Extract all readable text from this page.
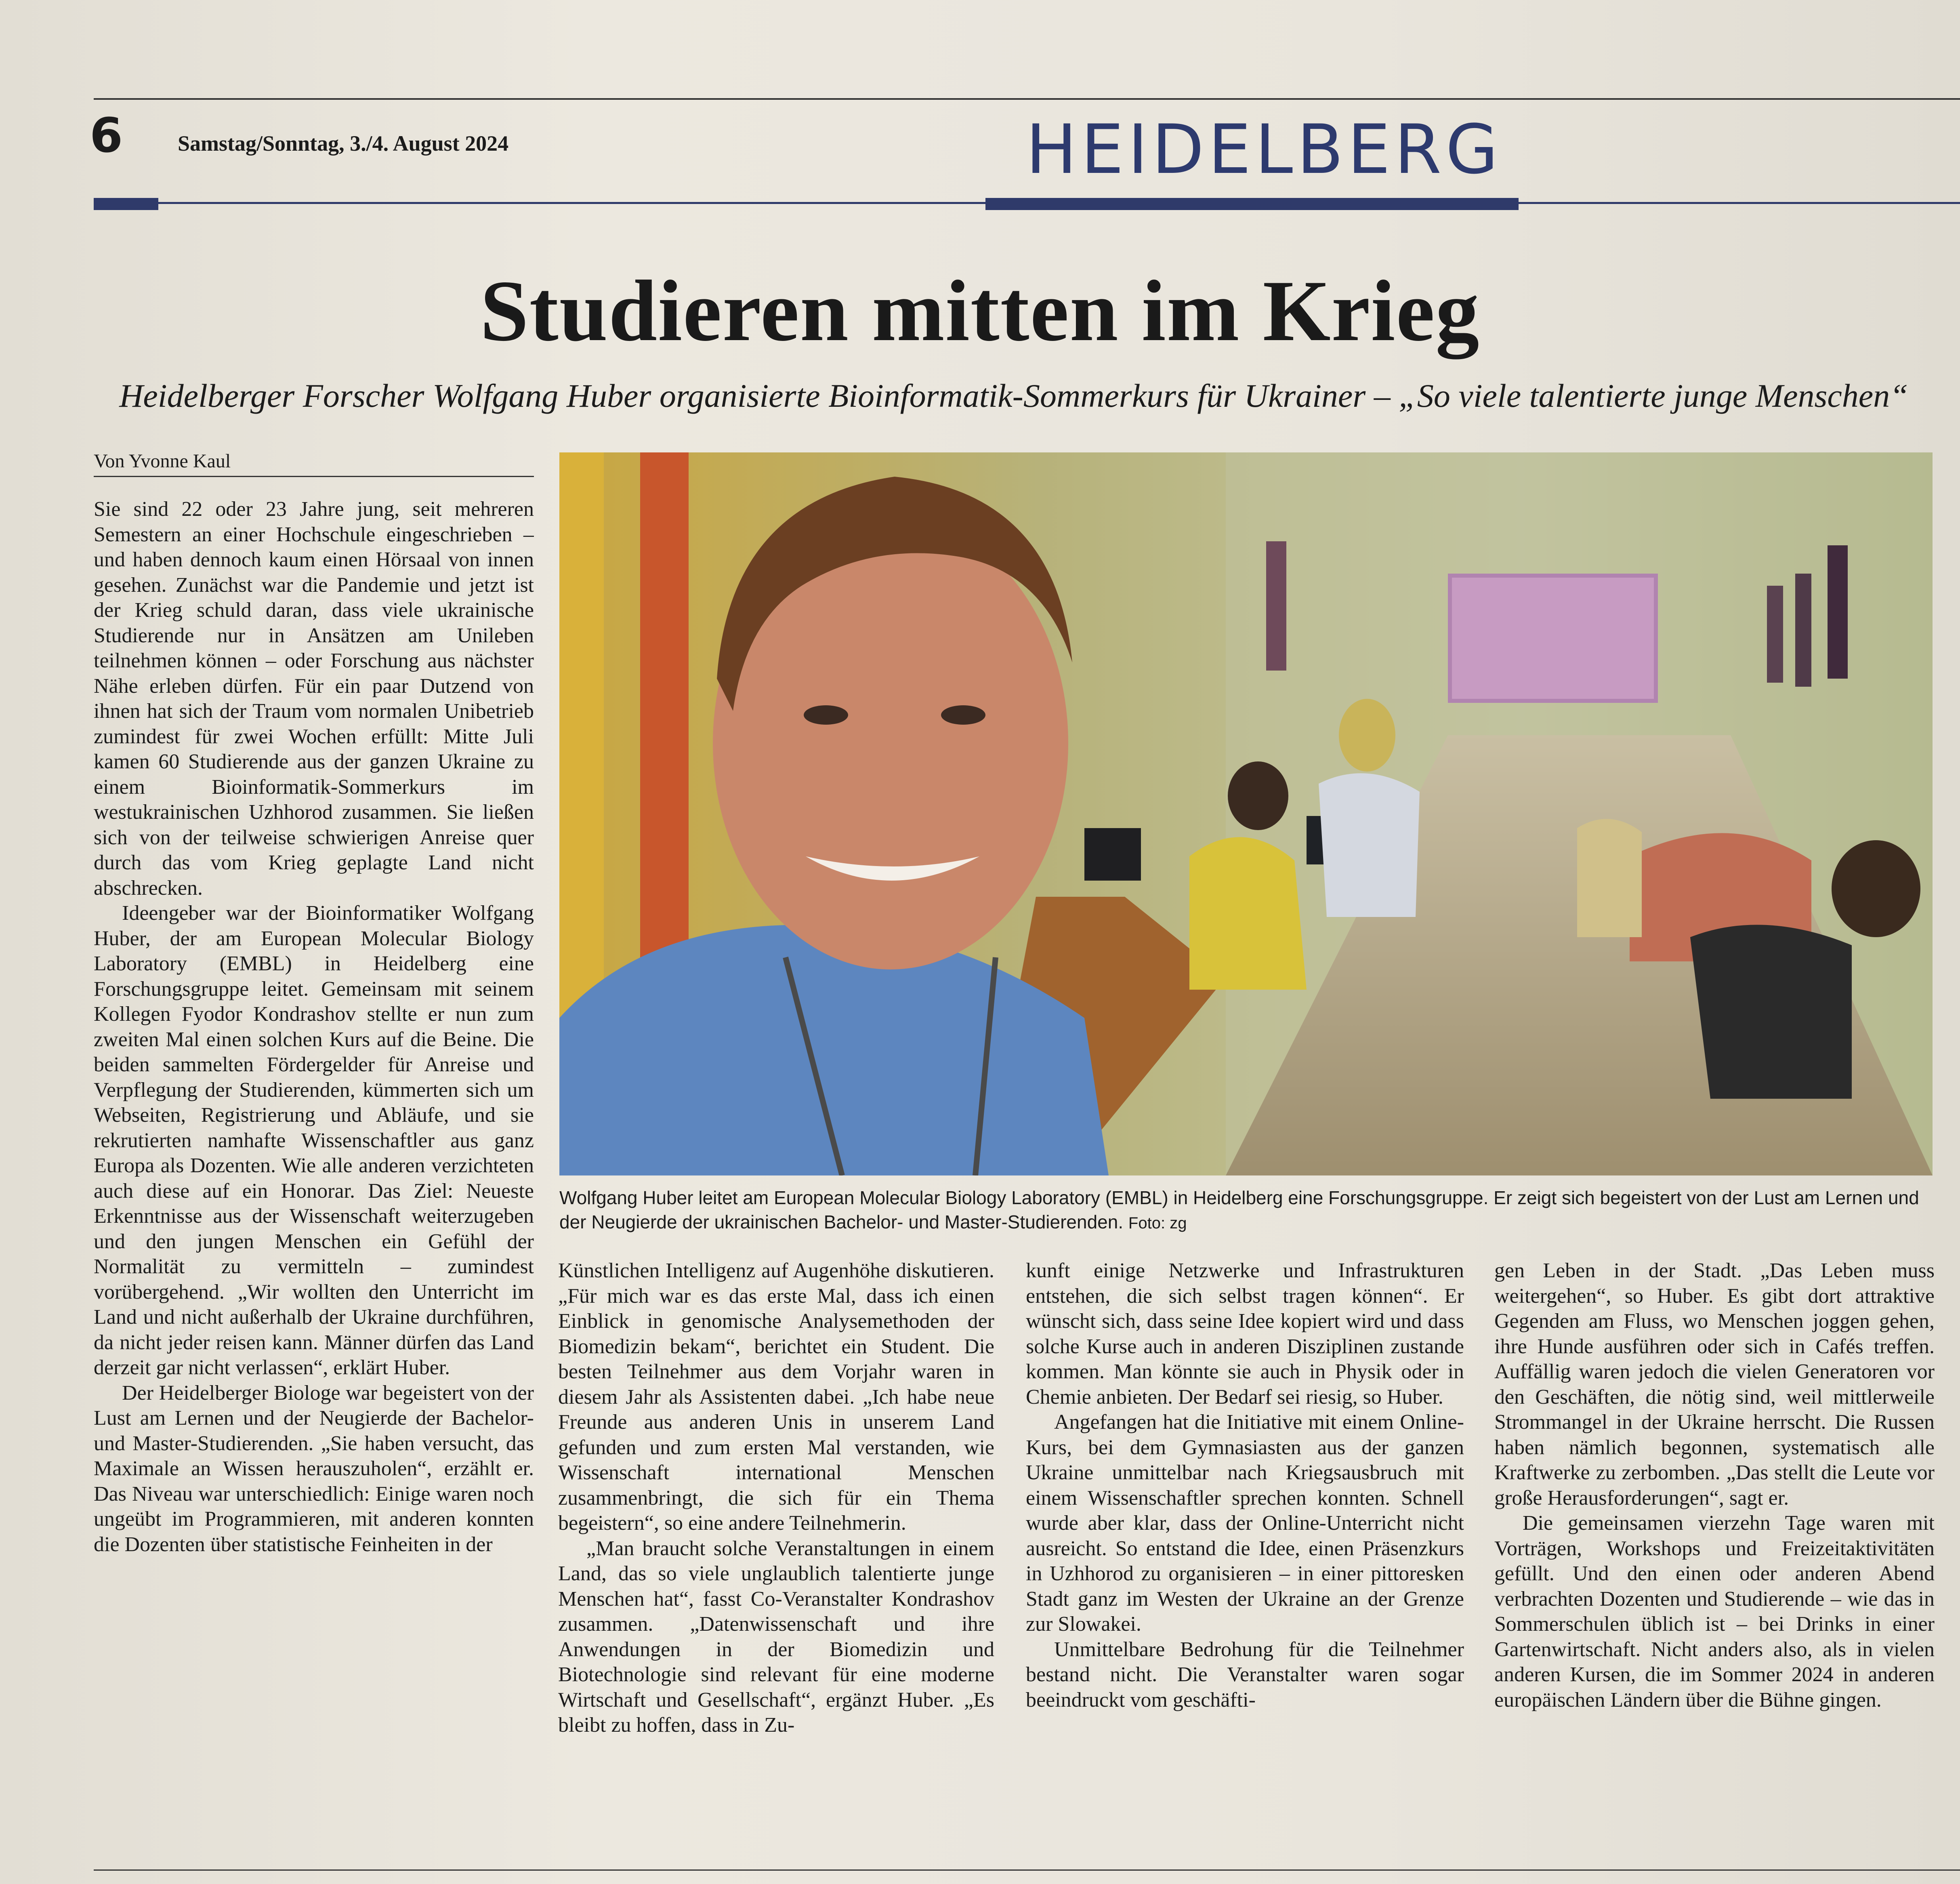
6	Samstag/Sonntag, 3./4. August 2024	HEIDELBERG
Studieren mitten im Krieg
Heidelberger Forscher Wolfgang Huber organisierte Bioinformatik-Sommerkurs für Ukrainer – „So viele talentierte junge Menschen“
Von Yvonne Kaul

Sie sind 22 oder 23 Jahre jung, seit mehreren Semestern an einer Hochschule eingeschrieben – und haben dennoch kaum einen Hörsaal von innen gesehen. Zunächst war die Pandemie und jetzt ist der Krieg schuld daran, dass viele ukrainische Studierende nur in Ansätzen am Unileben teilnehmen können – oder Forschung aus nächster Nähe erleben dürfen. Für ein paar Dutzend von ihnen hat sich der Traum vom normalen Unibetrieb zumindest für zwei Wochen erfüllt: Mitte Juli kamen 60 Studierende aus der ganzen Ukraine zu einem Bioinformatik-Sommerkurs im westukrainischen Uzhhorod zusammen. Sie ließen sich von der teilweise schwierigen Anreise quer durch das vom Krieg geplagte Land nicht abschrecken.

Ideengeber war der Bioinformatiker Wolfgang Huber, der am European Molecular Biology Laboratory (EMBL) in Heidelberg eine Forschungsgruppe leitet. Gemeinsam mit seinem Kollegen Fyodor Kondrashov stellte er nun zum zweiten Mal einen solchen Kurs auf die Beine. Die beiden sammelten Fördergelder für Anreise und Verpflegung der Studierenden, kümmerten sich um Webseiten, Registrierung und Abläufe, und sie rekrutierten namhafte Wissenschaftler aus ganz Europa als Dozenten. Wie alle anderen verzichteten auch diese auf ein Honorar. Das Ziel: Neueste Erkenntnisse aus der Wissenschaft weiterzugeben und den jungen Menschen ein Gefühl der Normalität zu vermitteln – zumindest vorübergehend. „Wir wollten den Unterricht im Land und nicht außerhalb der Ukraine durchführen, da nicht jeder reisen kann. Männer dürfen das Land derzeit gar nicht verlassen“, erklärt Huber.

Der Heidelberger Biologe war begeistert von der Lust am Lernen und der Neugierde der Bachelor- und Master-Studierenden. „Sie haben versucht, das Maximale an Wissen herauszuholen“, erzählt er. Das Niveau war unterschiedlich: Einige waren noch ungeübt im Programmieren, mit anderen konnten die Dozenten über statistische Feinheiten in der

Wolfgang Huber leitet am European Molecular Biology Laboratory (EMBL) in Heidelberg eine Forschungsgruppe. Er zeigt sich begeistert von der Lust am Lernen und der Neugierde der ukrainischen Bachelor- und Master-Studierenden. Foto: zg

Künstlichen Intelligenz auf Augenhöhe diskutieren. „Für mich war es das erste Mal, dass ich einen Einblick in genomische Analysemethoden der Biomedizin bekam“, berichtet ein Student. Die besten Teilnehmer aus dem Vorjahr waren in diesem Jahr als Assistenten dabei. „Ich habe neue Freunde aus anderen Unis in unserem Land gefunden und zum ersten Mal verstanden, wie Wissenschaft international Menschen zusammenbringt, die sich für ein Thema begeistern“, so eine andere Teilnehmerin.

„Man braucht solche Veranstaltungen in einem Land, das so viele unglaublich talentierte junge Menschen hat“, fasst Co-Veranstalter Kondrashov zusammen. „Datenwissenschaft und ihre Anwendungen in der Biomedizin und Biotechnologie sind relevant für eine moderne Wirtschaft und Gesellschaft“, ergänzt Huber. „Es bleibt zu hoffen, dass in Zu-

kunft einige Netzwerke und Infrastrukturen entstehen, die sich selbst tragen können“. Er wünscht sich, dass seine Idee kopiert wird und dass solche Kurse auch in anderen Disziplinen zustande kommen. Man könnte sie auch in Physik oder in Chemie anbieten. Der Bedarf sei riesig, so Huber.

Angefangen hat die Initiative mit einem Online-Kurs, bei dem Gymnasiasten aus der ganzen Ukraine unmittelbar nach Kriegsausbruch mit einem Wissenschaftler sprechen konnten. Schnell wurde aber klar, dass der Online-Unterricht nicht ausreicht. So entstand die Idee, einen Präsenzkurs in Uzhhorod zu organisieren – in einer pittoresken Stadt ganz im Westen der Ukraine an der Grenze zur Slowakei.

Unmittelbare Bedrohung für die Teilnehmer bestand nicht. Die Veranstalter waren sogar beeindruckt vom geschäfti-

gen Leben in der Stadt. „Das Leben muss weitergehen“, so Huber. Es gibt dort attraktive Gegenden am Fluss, wo Menschen joggen gehen, ihre Hunde ausführen oder sich in Cafés treffen. Auffällig waren jedoch die vielen Generatoren vor den Geschäften, die nötig sind, weil mittlerweile Strommangel in der Ukraine herrscht. Die Russen haben nämlich begonnen, systematisch alle Kraftwerke zu zerbomben. „Das stellt die Leute vor große Herausforderungen“, sagt er.

Die gemeinsamen vierzehn Tage waren mit Vorträgen, Workshops und Freizeitaktivitäten gefüllt. Und den einen oder anderen Abend verbrachten Dozenten und Studierende – wie das in Sommerschulen üblich ist – bei Drinks in einer Gartenwirtschaft. Nicht anders also, als in vielen anderen Kursen, die im Sommer 2024 in anderen europäischen Ländern über die Bühne gingen.
